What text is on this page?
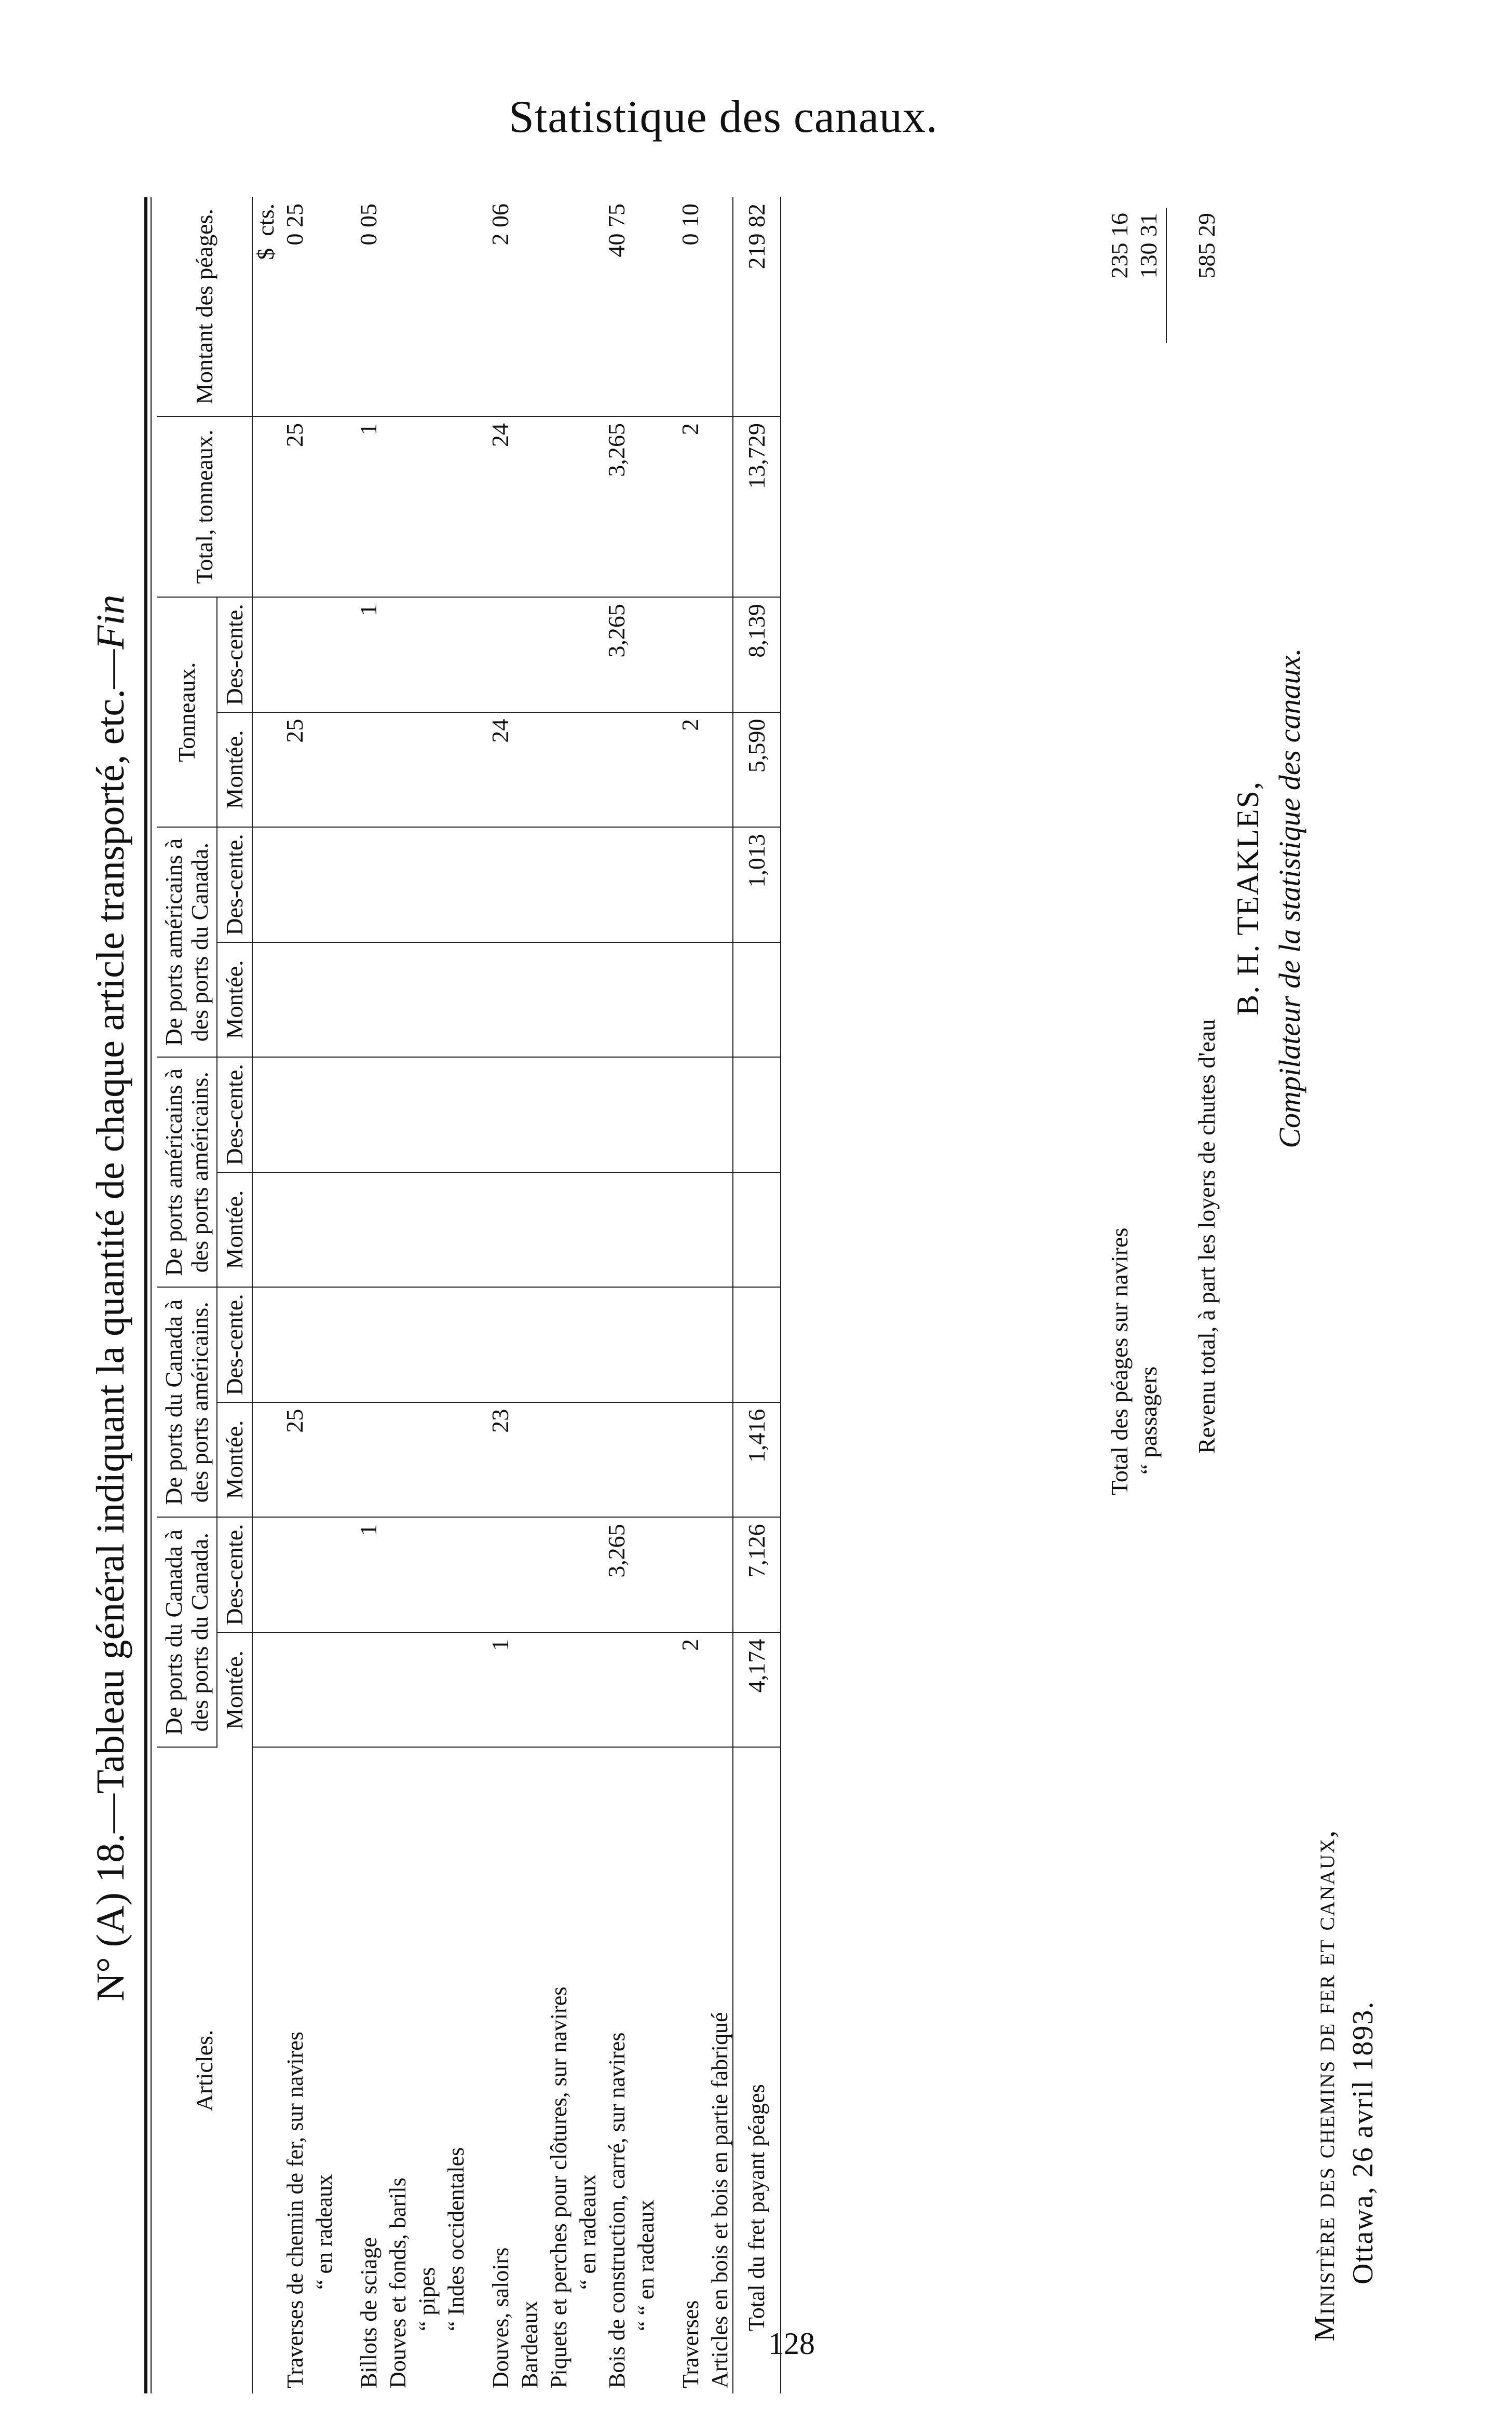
Statistique des canaux.
N° (A) 18.—Tableau général indiquant la quantité de chaque article transporté, etc.—Fin
Articles.	De ports du Canada à des ports du Canada.		De ports du Canada à des ports américains.		De ports américains à des ports américains.		De ports américains à des ports du Canada.		Tonneaux.		Total, tonneaux.	Montant des péages.
	Montée.	Des-cente.	Montée.	Des-cente.	Montée.	Des-cente.	Montée.	Des-cente.	Montée.	Des-cente.		
												$  cts.
Traverses de chemin de fer, sur navires			25						25		25	0 25
“ en radeaux												

Billots de sciage		1								1	1	0 05
Douves et fonds, barils												
“ pipes												
“ Indes occidentales												

Douves, saloirs	1		23						24		24	2 06
Bardeaux												
Piquets et perches pour clôtures, sur navires												
“ en radeaux												
Bois de construction, carré, sur navires		3,265								3,265	3,265	40 75
“ “ en radeaux												

Traverses	2								2		2	0 10
Articles en bois et bois en partie fabriqué												
Total du fret payant péages	4,174	7,126	1,416					1,013	5,590	8,139	13,729	219 82
Total des péages sur navires
235 16
“ passagers
130 31
Revenu total, à part les loyers de chutes d'eau
585 29
B. H. TEAKLES, Compilateur de la statistique des canaux.
Ministère des chemins de fer et canaux, Ottawa, 26 avril 1893.
128
